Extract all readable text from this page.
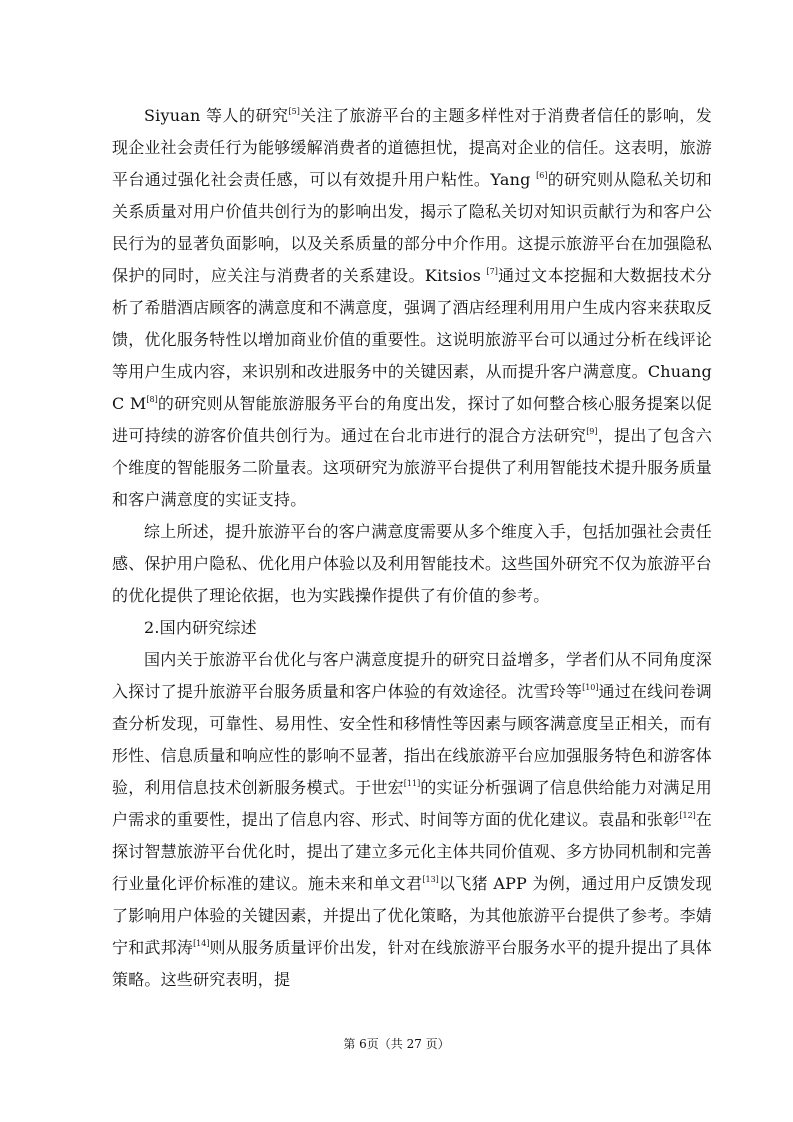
Siyuan 等人的研究[5]关注了旅游平台的主题多样性对于消费者信任的影响，发现企业社会责任行为能够缓解消费者的道德担忧，提高对企业的信任。这表明，旅游平台通过强化社会责任感，可以有效提升用户粘性。Yang [6]的研究则从隐私关切和关系质量对用户价值共创行为的影响出发，揭示了隐私关切对知识贡献行为和客户公民行为的显著负面影响，以及关系质量的部分中介作用。这提示旅游平台在加强隐私保护的同时，应关注与消费者的关系建设。Kitsios [7]通过文本挖掘和大数据技术分析了希腊酒店顾客的满意度和不满意度，强调了酒店经理利用用户生成内容来获取反馈，优化服务特性以增加商业价值的重要性。这说明旅游平台可以通过分析在线评论等用户生成内容，来识别和改进服务中的关键因素，从而提升客户满意度。Chuang C M[8]的研究则从智能旅游服务平台的角度出发，探讨了如何整合核心服务提案以促进可持续的游客价值共创行为。通过在台北市进行的混合方法研究[9]，提出了包含六个维度的智能服务二阶量表。这项研究为旅游平台提供了利用智能技术提升服务质量和客户满意度的实证支持。

综上所述，提升旅游平台的客户满意度需要从多个维度入手，包括加强社会责任感、保护用户隐私、优化用户体验以及利用智能技术。这些国外研究不仅为旅游平台的优化提供了理论依据，也为实践操作提供了有价值的参考。

2.国内研究综述

国内关于旅游平台优化与客户满意度提升的研究日益增多，学者们从不同角度深入探讨了提升旅游平台服务质量和客户体验的有效途径。沈雪玲等[10]通过在线问卷调查分析发现，可靠性、易用性、安全性和移情性等因素与顾客满意度呈正相关，而有形性、信息质量和响应性的影响不显著，指出在线旅游平台应加强服务特色和游客体验，利用信息技术创新服务模式。于世宏[11]的实证分析强调了信息供给能力对满足用户需求的重要性，提出了信息内容、形式、时间等方面的优化建议。袁晶和张彰[12]在探讨智慧旅游平台优化时，提出了建立多元化主体共同价值观、多方协同机制和完善行业量化评价标准的建议。施未来和单文君[13]以飞猪 APP 为例，通过用户反馈发现了影响用户体验的关键因素，并提出了优化策略，为其他旅游平台提供了参考。李婧宁和武邦涛[14]则从服务质量评价出发，针对在线旅游平台服务水平的提升提出了具体策略。这些研究表明，提

第 6页（共 27 页）
